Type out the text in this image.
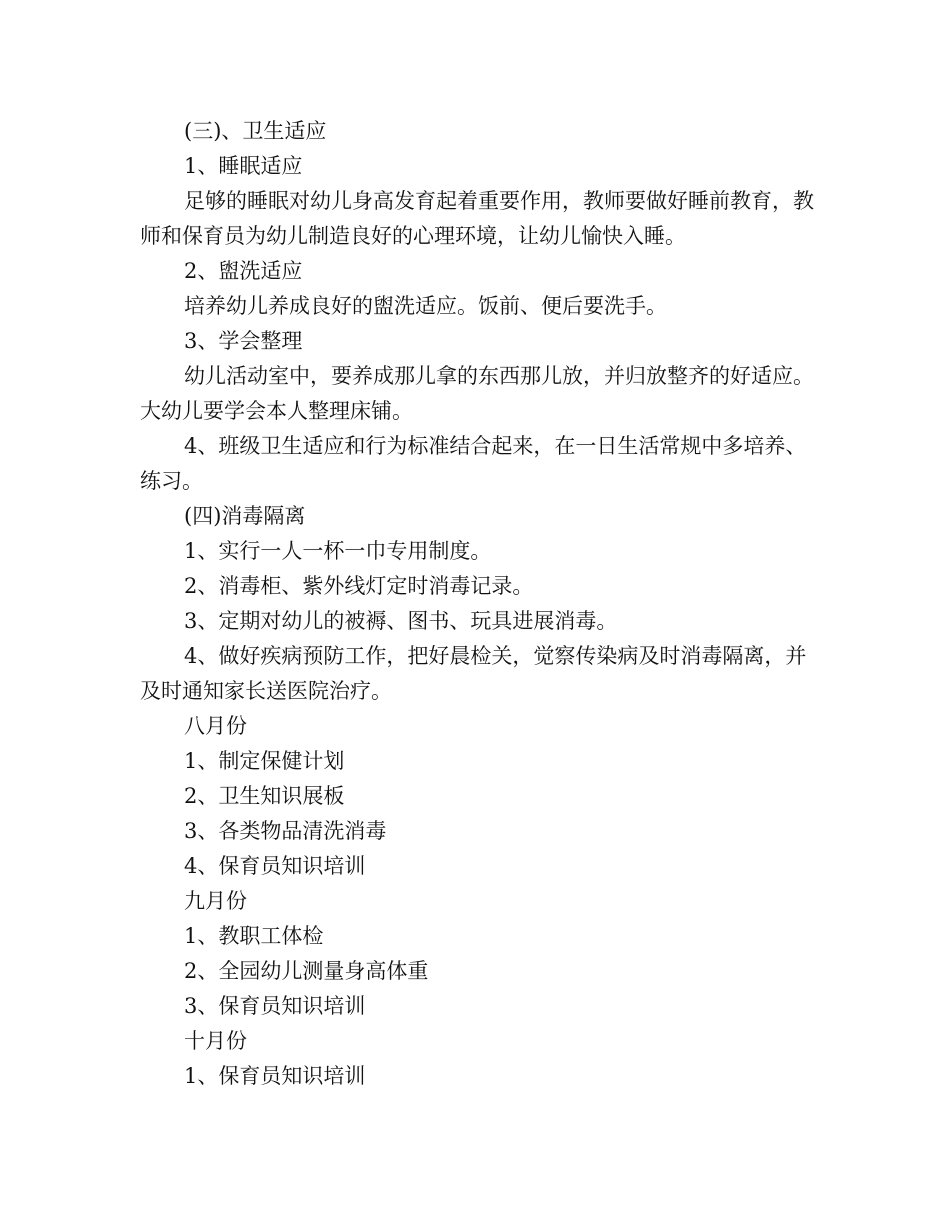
(三)、卫生适应

1、睡眠适应

足够的睡眠对幼儿身高发育起着重要作用，教师要做好睡前教育，教师和保育员为幼儿制造良好的心理环境，让幼儿愉快入睡。

2、盥洗适应

培养幼儿养成良好的盥洗适应。饭前、便后要洗手。

3、学会整理

幼儿活动室中，要养成那儿拿的东西那儿放，并归放整齐的好适应。大幼儿要学会本人整理床铺。

4、班级卫生适应和行为标准结合起来，在一日生活常规中多培养、练习。

(四)消毒隔离

1、实行一人一杯一巾专用制度。

2、消毒柜、紫外线灯定时消毒记录。

3、定期对幼儿的被褥、图书、玩具进展消毒。

4、做好疾病预防工作，把好晨检关，觉察传染病及时消毒隔离，并及时通知家长送医院治疗。

八月份

1、制定保健计划

2、卫生知识展板

3、各类物品清洗消毒

4、保育员知识培训

九月份

1、教职工体检

2、全园幼儿测量身高体重

3、保育员知识培训

十月份

1、保育员知识培训
